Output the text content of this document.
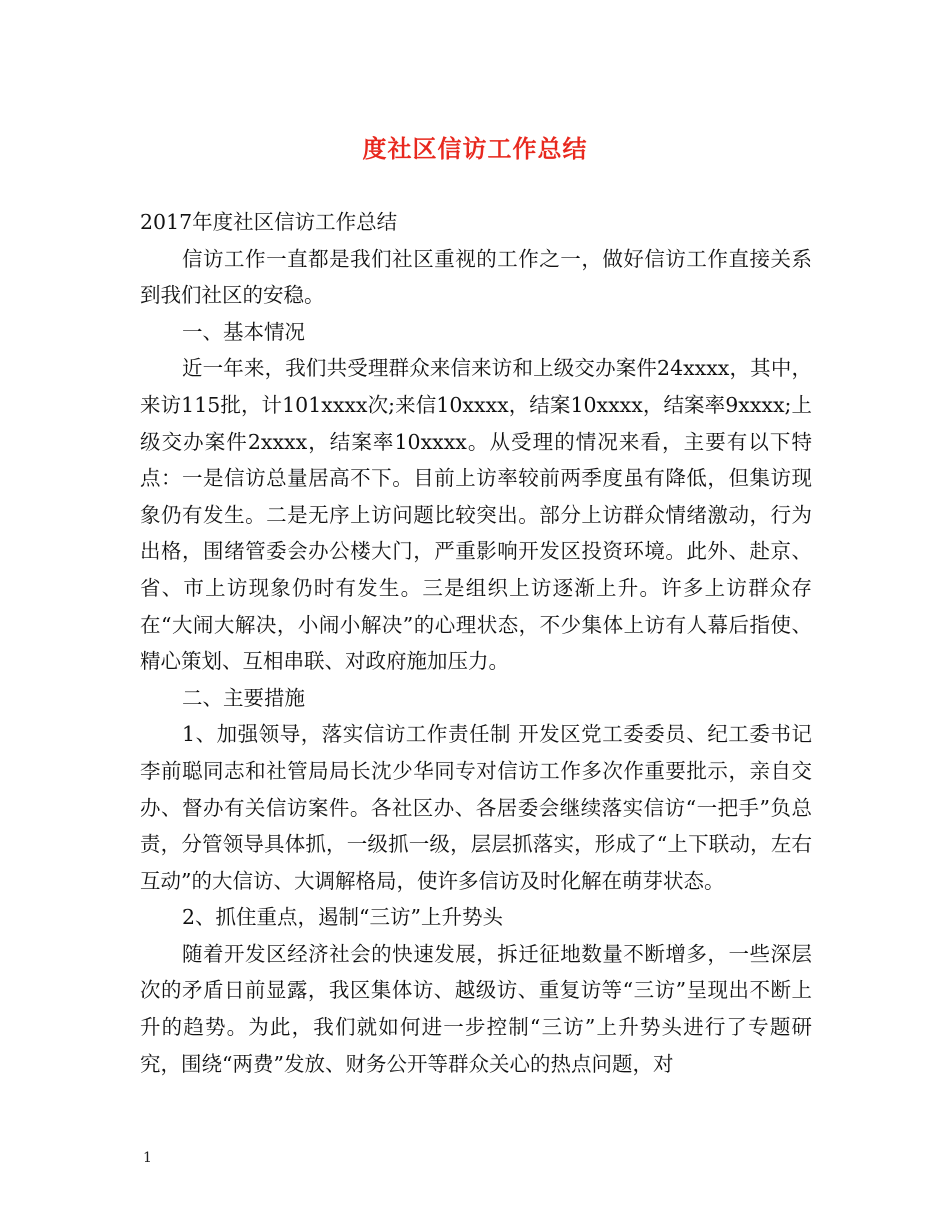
度社区信访工作总结

2017年度社区信访工作总结

信访工作一直都是我们社区重视的工作之一，做好信访工作直接关系到我们社区的安稳。

一、基本情况

近一年来，我们共受理群众来信来访和上级交办案件24xxxx，其中，来访115批，计101xxxx次;来信10xxxx，结案10xxxx，结案率9xxxx;上级交办案件2xxxx，结案率10xxxx。从受理的情况来看，主要有以下特点：一是信访总量居高不下。目前上访率较前两季度虽有降低，但集访现象仍有发生。二是无序上访问题比较突出。部分上访群众情绪激动，行为出格，围绪管委会办公楼大门，严重影响开发区投资环境。此外、赴京、省、市上访现象仍时有发生。三是组织上访逐渐上升。许多上访群众存在“大闹大解决，小闹小解决”的心理状态，不少集体上访有人幕后指使、精心策划、互相串联、对政府施加压力。

二、主要措施

1、加强领导，落实信访工作责任制 开发区党工委委员、纪工委书记李前聪同志和社管局局长沈少华同专对信访工作多次作重要批示，亲自交办、督办有关信访案件。各社区办、各居委会继续落实信访“一把手”负总责，分管领导具体抓，一级抓一级，层层抓落实，形成了“上下联动，左右互动”的大信访、大调解格局，使许多信访及时化解在萌芽状态。

2、抓住重点，遏制“三访”上升势头

随着开发区经济社会的快速发展，拆迁征地数量不断增多，一些深层次的矛盾日前显露，我区集体访、越级访、重复访等“三访”呈现出不断上升的趋势。为此，我们就如何进一步控制“三访”上升势头进行了专题研究，围绕“两费”发放、财务公开等群众关心的热点问题，对

1
